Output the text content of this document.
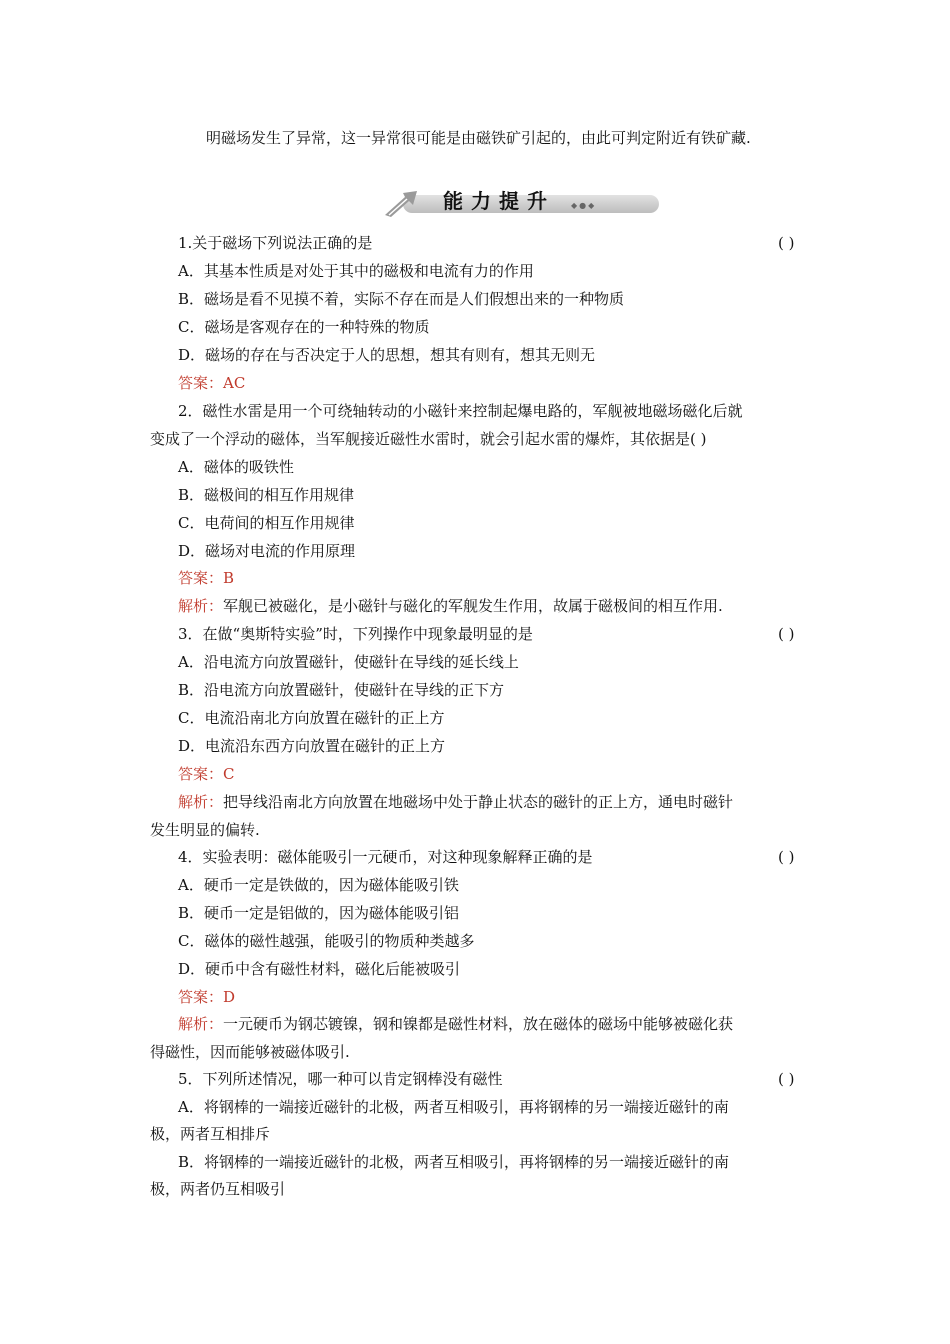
明磁场发生了异常，这一异常很可能是由磁铁矿引起的，由此可判定附近有铁矿藏.
能力提升 ◆●◆
1.关于磁场下列说法正确的是	( )
A．其基本性质是对处于其中的磁极和电流有力的作用
B．磁场是看不见摸不着，实际不存在而是人们假想出来的一种物质
C．磁场是客观存在的一种特殊的物质
D．磁场的存在与否决定于人的思想，想其有则有，想其无则无
答案：AC
2．磁性水雷是用一个可绕轴转动的小磁针来控制起爆电路的，军舰被地磁场磁化后就
变成了一个浮动的磁体，当军舰接近磁性水雷时，就会引起水雷的爆炸，其依据是( )
A．磁体的吸铁性
B．磁极间的相互作用规律
C．电荷间的相互作用规律
D．磁场对电流的作用原理
答案：B
解析：军舰已被磁化，是小磁针与磁化的军舰发生作用，故属于磁极间的相互作用.
3．在做“奥斯特实验”时，下列操作中现象最明显的是	( )
A．沿电流方向放置磁针，使磁针在导线的延长线上
B．沿电流方向放置磁针，使磁针在导线的正下方
C．电流沿南北方向放置在磁针的正上方
D．电流沿东西方向放置在磁针的正上方
答案：C
解析：把导线沿南北方向放置在地磁场中处于静止状态的磁针的正上方，通电时磁针
发生明显的偏转.
4．实验表明：磁体能吸引一元硬币，对这种现象解释正确的是	( )
A．硬币一定是铁做的，因为磁体能吸引铁
B．硬币一定是铝做的，因为磁体能吸引铝
C．磁体的磁性越强，能吸引的物质种类越多
D．硬币中含有磁性材料，磁化后能被吸引
答案：D
解析：一元硬币为钢芯镀镍，钢和镍都是磁性材料，放在磁体的磁场中能够被磁化获
得磁性，因而能够被磁体吸引.
5．下列所述情况，哪一种可以肯定钢棒没有磁性	( )
A．将钢棒的一端接近磁针的北极，两者互相吸引，再将钢棒的另一端接近磁针的南
极，两者互相排斥
B．将钢棒的一端接近磁针的北极，两者互相吸引，再将钢棒的另一端接近磁针的南
极，两者仍互相吸引
